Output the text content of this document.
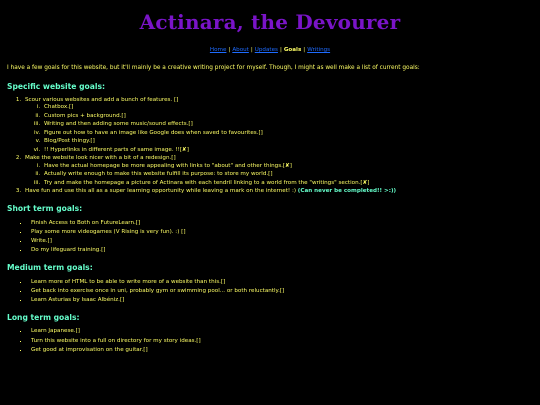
Actinara, the Devourer
Home | About | Updates | Goals | Writings

I have a few goals for this website, but it'll mainly be a creative writing project for myself. Though, I might as well make a list of current goals:

Specific website goals:
1. Scour various websites and add a bunch of features. []
i. Chatbox.[]
ii. Custom pics + background.[]
iii. Writing and then adding some music/sound effects.[]
iv. Figure out how to have an image like Google does when saved to favourites.[]
v. Blog/Post thingy.[]
vi. !! Hyperlinks in different parts of same image. !![✘]
2. Make the website look nicer with a bit of a redesign.[]
i. Have the actual homepage be more appealing with links to "about" and other things.[✘]
ii. Actually write enough to make this website fulfill its purpose: to store my world.[]
iii. Try and make the homepage a picture of Actinara with each tendril linking to a world from the "writings" section.[✘]
3. Have fun and use this all as a super learning opportunity while leaving a mark on the internet! :) (Can never be completed!! >:))
Short term goals:
▪ Finish Access to Both on FutureLearn.[]
▪ Play some more videogames (V Rising is very fun). :) []
▪ Write.[]
▪ Do my lifeguard training.[]
Medium term goals:
▪ Learn more of HTML to be able to write more of a website than this.[]
▪ Get back into exercise once in uni, probably gym or swimming pool... or both reluctantly.[]
▪ Learn Asturias by Isaac Albéniz.[]
Long term goals:
▪ Learn Japanese.[]
▪ Turn this website into a full on directory for my story ideas.[]
▪ Get good at improvisation on the guitar.[]
